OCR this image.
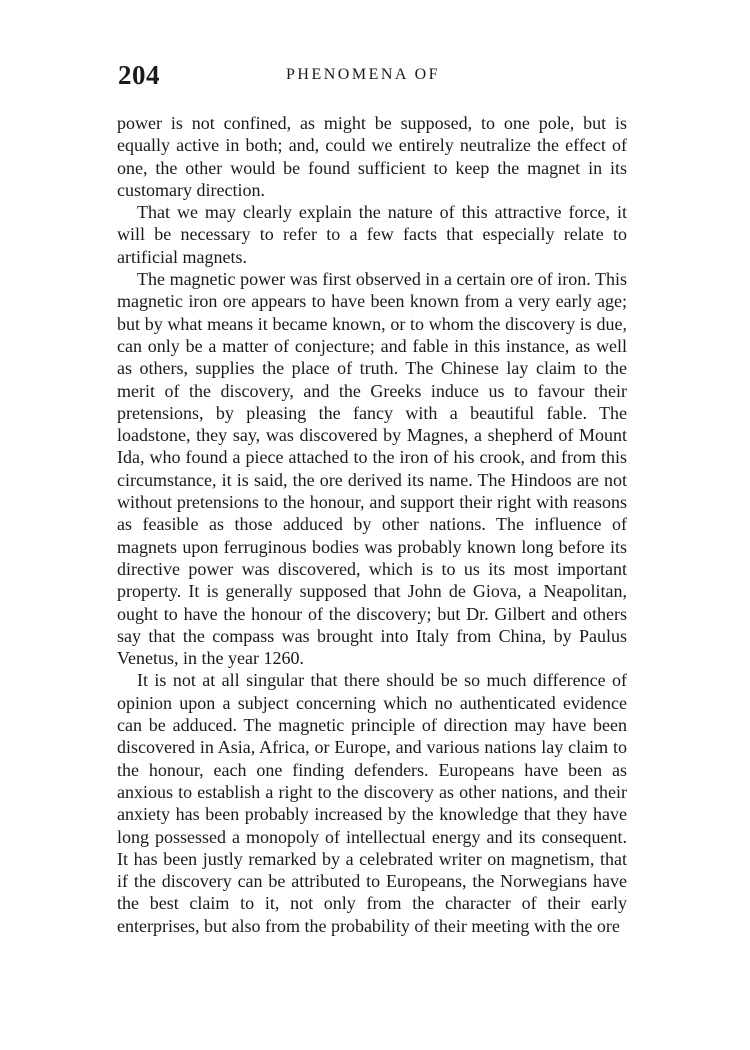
204	PHENOMENA OF

power is not confined, as might be supposed, to one pole, but is equally active in both; and, could we entirely neutralize the effect of one, the other would be found sufficient to keep the magnet in its customary direction.

That we may clearly explain the nature of this attractive force, it will be necessary to refer to a few facts that especially relate to artificial magnets.

The magnetic power was first observed in a certain ore of iron. This magnetic iron ore appears to have been known from a very early age; but by what means it became known, or to whom the discovery is due, can only be a matter of conjecture; and fable in this instance, as well as others, supplies the place of truth. The Chinese lay claim to the merit of the discovery, and the Greeks induce us to favour their pretensions, by pleasing the fancy with a beautiful fable. The loadstone, they say, was discovered by Magnes, a shepherd of Mount Ida, who found a piece attached to the iron of his crook, and from this circumstance, it is said, the ore derived its name. The Hindoos are not without pretensions to the honour, and support their right with reasons as feasible as those adduced by other nations. The influence of magnets upon ferruginous bodies was probably known long before its directive power was discovered, which is to us its most important property. It is generally supposed that John de Giova, a Neapolitan, ought to have the honour of the discovery; but Dr. Gilbert and others say that the compass was brought into Italy from China, by Paulus Venetus, in the year 1260.

It is not at all singular that there should be so much difference of opinion upon a subject concerning which no authenticated evidence can be adduced. The magnetic principle of direction may have been discovered in Asia, Africa, or Europe, and various nations lay claim to the honour, each one finding defenders. Europeans have been as anxious to establish a right to the discovery as other nations, and their anxiety has been probably increased by the knowledge that they have long possessed a monopoly of intellectual energy and its consequent. It has been justly remarked by a celebrated writer on magnetism, that if the discovery can be attributed to Europeans, the Norwegians have the best claim to it, not only from the character of their early enterprises, but also from the probability of their meeting with the ore
